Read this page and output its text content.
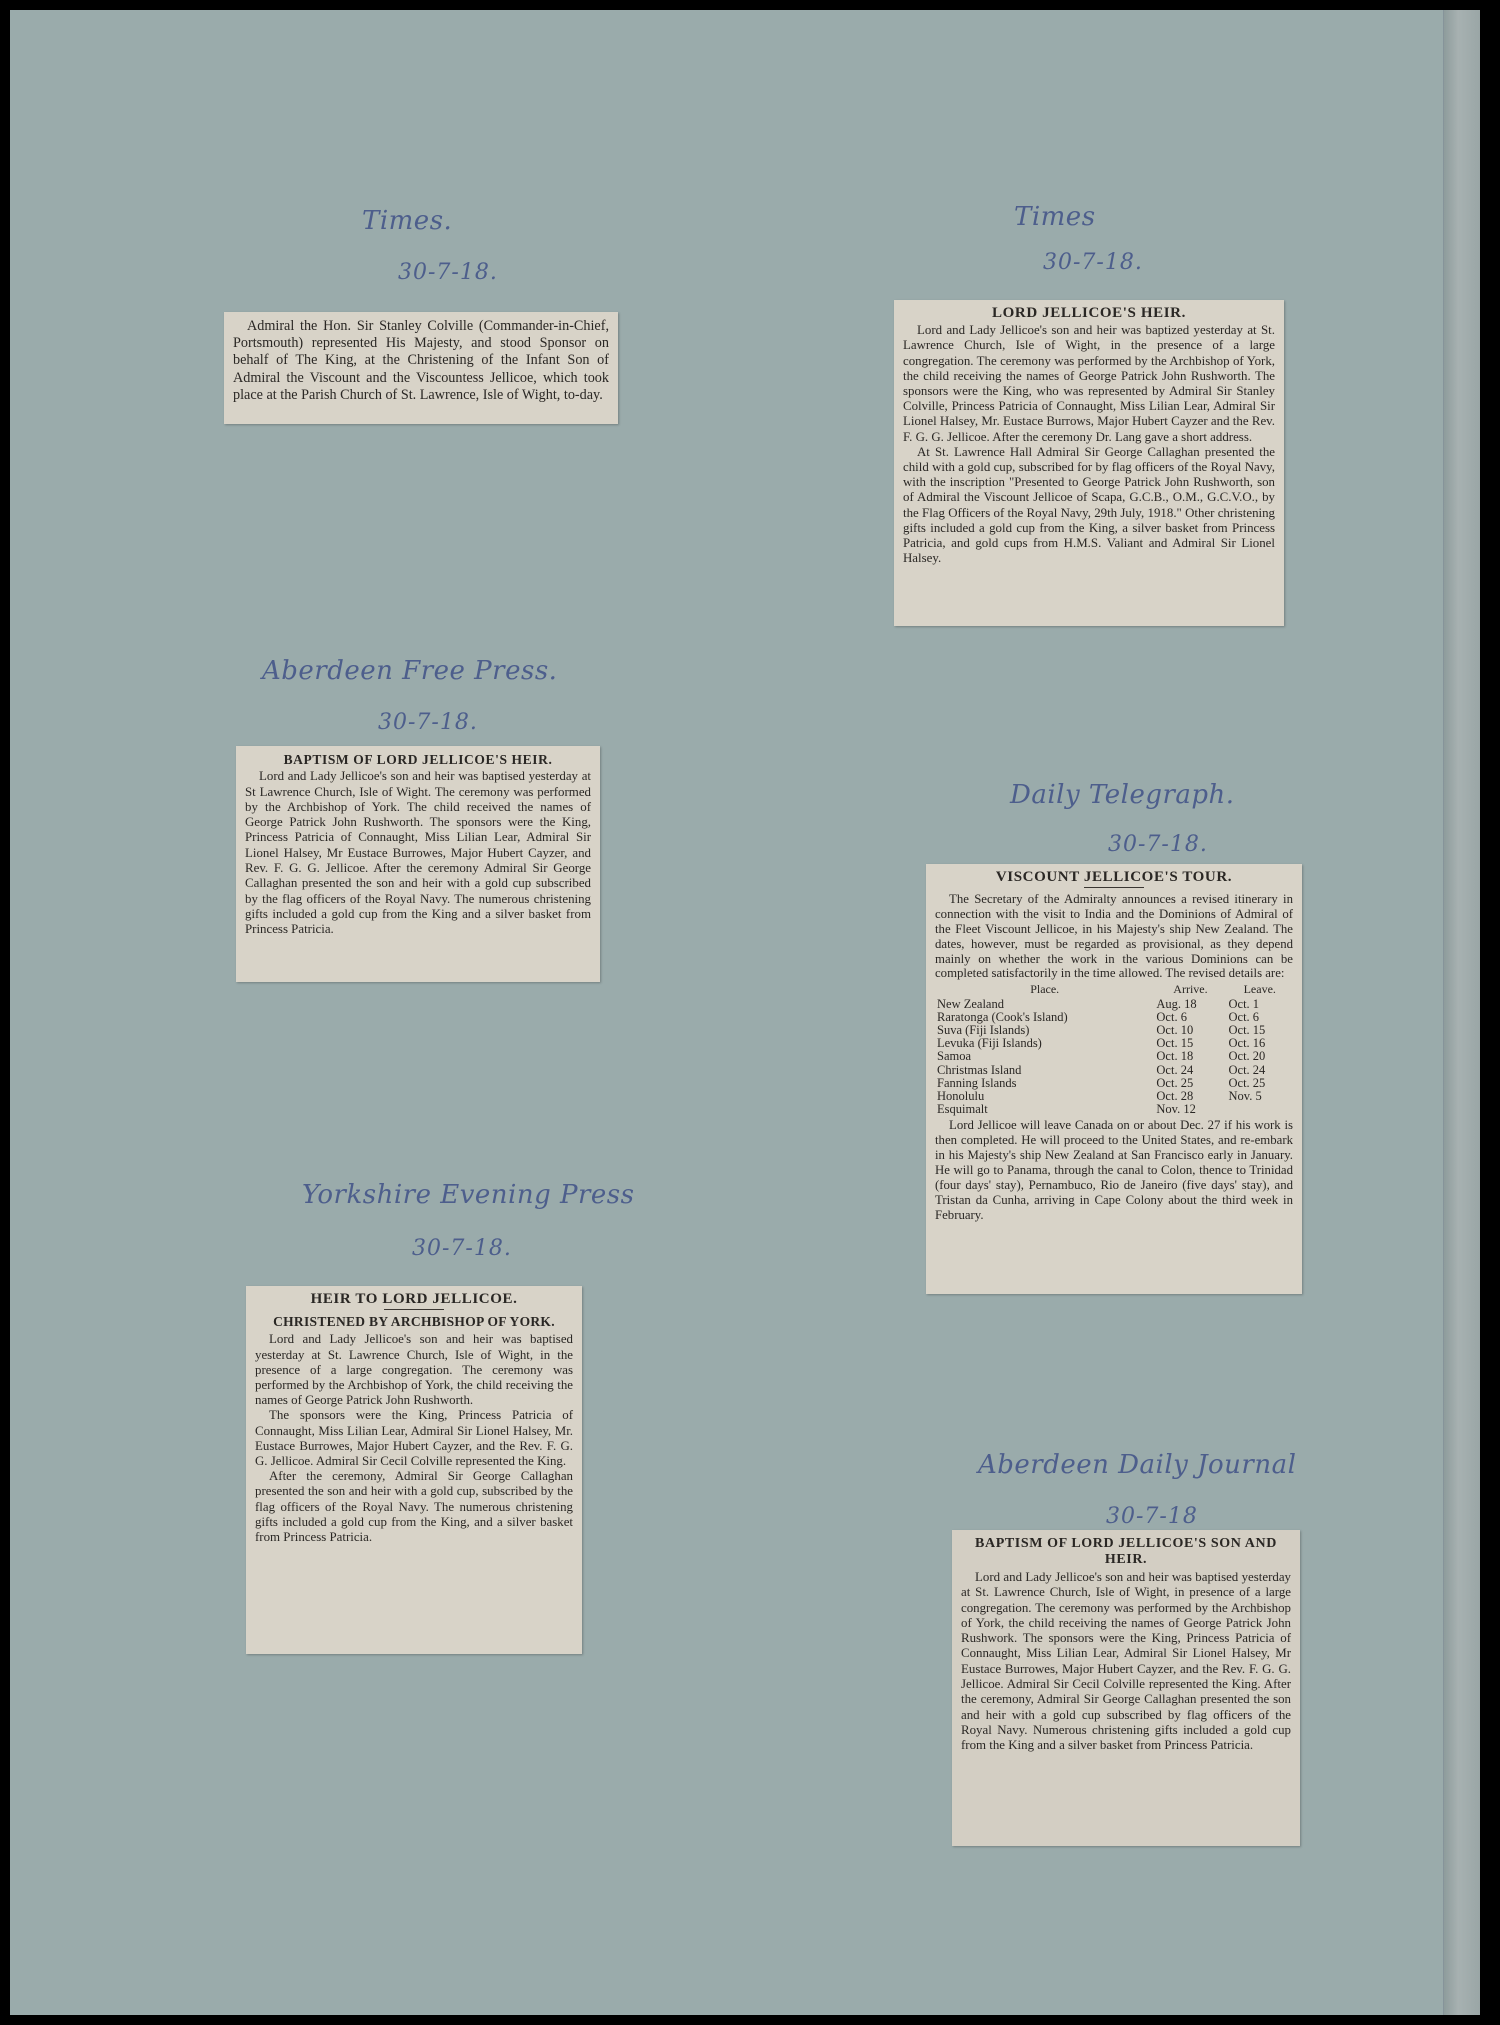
Times.
30-7-18.
Times
30-7-18.
Aberdeen Free Press.
30-7-18.
Daily Telegraph.
30-7-18.
Yorkshire Evening Press
30-7-18.
Aberdeen Daily Journal
30-7-18

Admiral the Hon. Sir Stanley Colville (Commander-in-Chief, Portsmouth) represented His Majesty, and stood Sponsor on behalf of The King, at the Christening of the Infant Son of Admiral the Viscount and the Viscountess Jellicoe, which took place at the Parish Church of St. Lawrence, Isle of Wight, to-day.

LORD JELLICOE'S HEIR.

Lord and Lady Jellicoe's son and heir was baptized yesterday at St. Lawrence Church, Isle of Wight, in the presence of a large congregation. The ceremony was performed by the Archbishop of York, the child receiving the names of George Patrick John Rushworth. The sponsors were the King, who was represented by Admiral Sir Stanley Colville, Princess Patricia of Connaught, Miss Lilian Lear, Admiral Sir Lionel Halsey, Mr. Eustace Burrows, Major Hubert Cayzer and the Rev. F. G. G. Jellicoe. After the ceremony Dr. Lang gave a short address.

At St. Lawrence Hall Admiral Sir George Callaghan presented the child with a gold cup, subscribed for by flag officers of the Royal Navy, with the inscription "Presented to George Patrick John Rushworth, son of Admiral the Viscount Jellicoe of Scapa, G.C.B., O.M., G.C.V.O., by the Flag Officers of the Royal Navy, 29th July, 1918." Other christening gifts included a gold cup from the King, a silver basket from Princess Patricia, and gold cups from H.M.S. Valiant and Admiral Sir Lionel Halsey.

BAPTISM OF LORD JELLICOE'S HEIR.

Lord and Lady Jellicoe's son and heir was baptised yesterday at St Lawrence Church, Isle of Wight. The ceremony was performed by the Archbishop of York. The child received the names of George Patrick John Rushworth. The sponsors were the King, Princess Patricia of Connaught, Miss Lilian Lear, Admiral Sir Lionel Halsey, Mr Eustace Burrowes, Major Hubert Cayzer, and Rev. F. G. G. Jellicoe. After the ceremony Admiral Sir George Callaghan presented the son and heir with a gold cup subscribed by the flag officers of the Royal Navy. The numerous christening gifts included a gold cup from the King and a silver basket from Princess Patricia.

VISCOUNT JELLICOE'S TOUR.

The Secretary of the Admiralty announces a revised itinerary in connection with the visit to India and the Dominions of Admiral of the Fleet Viscount Jellicoe, in his Majesty's ship New Zealand. The dates, however, must be regarded as provisional, as they depend mainly on whether the work in the various Dominions can be completed satisfactorily in the time allowed. The revised details are:

Place.	Arrive.	Leave.
New Zealand	Aug. 18	Oct. 1
Raratonga (Cook's Island)	Oct. 6	Oct. 6
Suva (Fiji Islands)	Oct. 10	Oct. 15
Levuka (Fiji Islands)	Oct. 15	Oct. 16
Samoa	Oct. 18	Oct. 20
Christmas Island	Oct. 24	Oct. 24
Fanning Islands	Oct. 25	Oct. 25
Honolulu	Oct. 28	Nov. 5
Esquimalt	Nov. 12	

Lord Jellicoe will leave Canada on or about Dec. 27 if his work is then completed. He will proceed to the United States, and re-embark in his Majesty's ship New Zealand at San Francisco early in January. He will go to Panama, through the canal to Colon, thence to Trinidad (four days' stay), Pernambuco, Rio de Janeiro (five days' stay), and Tristan da Cunha, arriving in Cape Colony about the third week in February.

HEIR TO LORD JELLICOE.
CHRISTENED BY ARCHBISHOP OF YORK.

Lord and Lady Jellicoe's son and heir was baptised yesterday at St. Lawrence Church, Isle of Wight, in the presence of a large congregation. The ceremony was performed by the Archbishop of York, the child receiving the names of George Patrick John Rushworth.

The sponsors were the King, Princess Patricia of Connaught, Miss Lilian Lear, Admiral Sir Lionel Halsey, Mr. Eustace Burrowes, Major Hubert Cayzer, and the Rev. F. G. G. Jellicoe. Admiral Sir Cecil Colville represented the King.

After the ceremony, Admiral Sir George Callaghan presented the son and heir with a gold cup, subscribed by the flag officers of the Royal Navy. The numerous christening gifts included a gold cup from the King, and a silver basket from Princess Patricia.	BAPTISM OF LORD JELLICOE'S SON AND HEIR.

Lord and Lady Jellicoe's son and heir was baptised yesterday at St. Lawrence Church, Isle of Wight, in presence of a large congregation. The ceremony was performed by the Archbishop of York, the child receiving the names of George Patrick John Rushwork. The sponsors were the King, Princess Patricia of Connaught, Miss Lilian Lear, Admiral Sir Lionel Halsey, Mr Eustace Burrowes, Major Hubert Cayzer, and the Rev. F. G. G. Jellicoe. Admiral Sir Cecil Colville represented the King. After the ceremony, Admiral Sir George Callaghan presented the son and heir with a gold cup subscribed by flag officers of the Royal Navy. Numerous christening gifts included a gold cup from the King and a silver basket from Princess Patricia.
